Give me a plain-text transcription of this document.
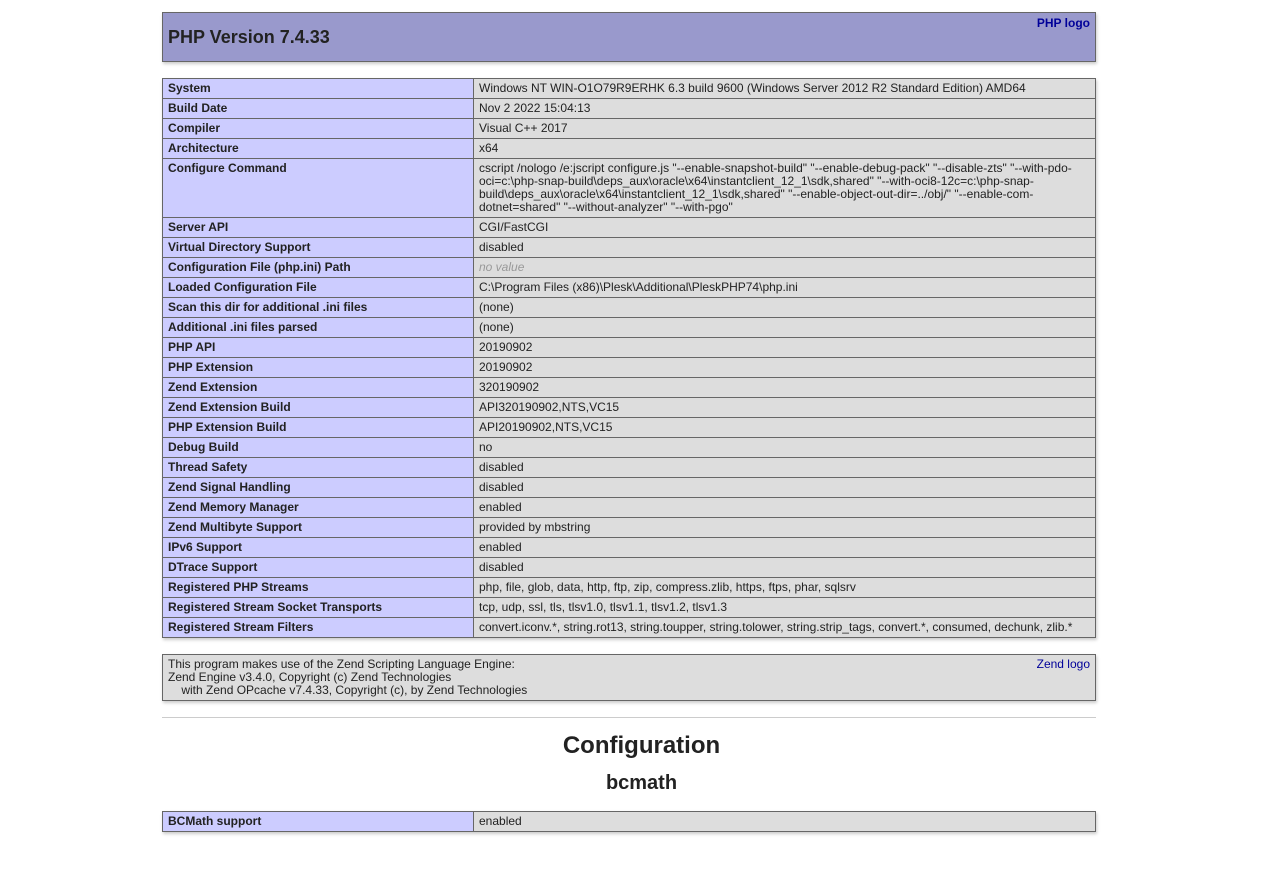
PHP logo
PHP Version 7.4.33
System	Windows NT WIN-O1O79R9ERHK 6.3 build 9600 (Windows Server 2012 R2 Standard Edition) AMD64
Build Date	Nov 2 2022 15:04:13
Compiler	Visual C++ 2017
Architecture	x64
Configure Command	cscript /nologo /e:jscript configure.js "--enable-snapshot-build" "--enable-debug-pack" "--disable-zts" "--with-pdo-oci=c:\php-snap-build\deps_aux\oracle\x64\instantclient_12_1\sdk,shared" "--with-oci8-12c=c:\php-snap-build\deps_aux\oracle\x64\instantclient_12_1\sdk,shared" "--enable-object-out-dir=../obj/" "--enable-com-dotnet=shared" "--without-analyzer" "--with-pgo"
Server API	CGI/FastCGI
Virtual Directory Support	disabled
Configuration File (php.ini) Path	no value
Loaded Configuration File	C:\Program Files (x86)\Plesk\Additional\PleskPHP74\php.ini
Scan this dir for additional .ini files	(none)
Additional .ini files parsed	(none)
PHP API	20190902
PHP Extension	20190902
Zend Extension	320190902
Zend Extension Build	API320190902,NTS,VC15
PHP Extension Build	API20190902,NTS,VC15
Debug Build	no
Thread Safety	disabled
Zend Signal Handling	disabled
Zend Memory Manager	enabled
Zend Multibyte Support	provided by mbstring
IPv6 Support	enabled
DTrace Support	disabled
Registered PHP Streams	php, file, glob, data, http, ftp, zip, compress.zlib, https, ftps, phar, sqlsrv
Registered Stream Socket Transports	tcp, udp, ssl, tls, tlsv1.0, tlsv1.1, tlsv1.2, tlsv1.3
Registered Stream Filters	convert.iconv.*, string.rot13, string.toupper, string.tolower, string.strip_tags, convert.*, consumed, dechunk, zlib.*
Zend logo
This program makes use of the Zend Scripting Language Engine:
Zend Engine v3.4.0, Copyright (c) Zend Technologies
with Zend OPcache v7.4.33, Copyright (c), by Zend Technologies
Configuration
bcmath
BCMath support	enabled
